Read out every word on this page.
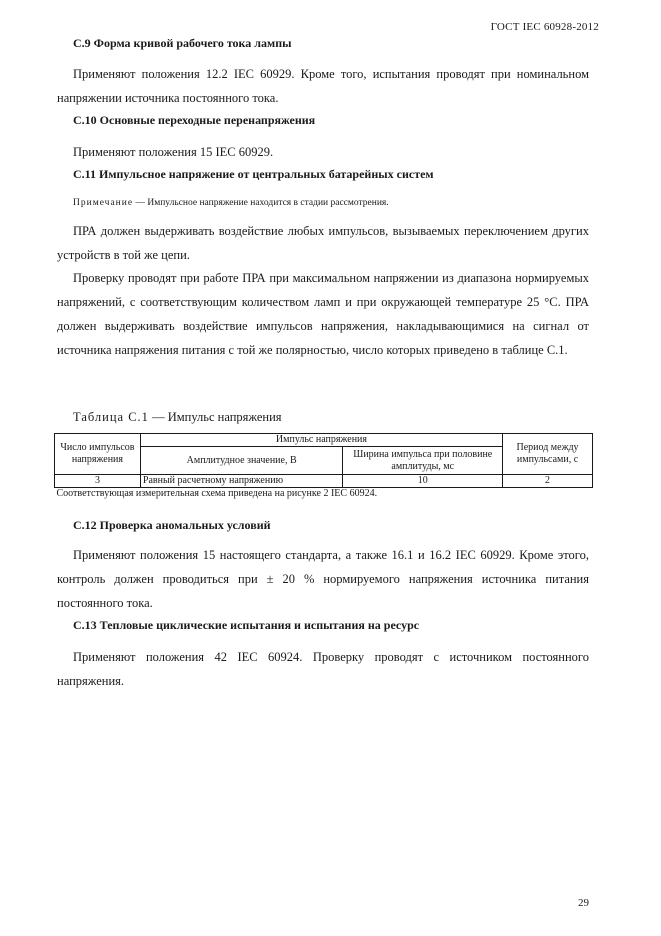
ГОСТ IEC 60928-2012
С.9 Форма кривой рабочего тока лампы
Применяют положения 12.2 IEC 60929. Кроме того, испытания проводят при номинальном напряжении источника постоянного тока.
С.10 Основные переходные перенапряжения
Применяют положения 15 IEC 60929.
С.11 Импульсное напряжение от центральных батарейных систем
Примечание — Импульсное напряжение находится в стадии рассмотрения.
ПРА должен выдерживать воздействие любых импульсов, вызываемых переключением других устройств в той же цепи.
Проверку проводят при работе ПРА при максимальном напряжении из диапазона нормируемых напряжений, с соответствующим количеством ламп и при окружающей температуре 25 °С. ПРА должен выдерживать воздействие импульсов напряжения, накладывающимися на сигнал от источника напряжения питания с той же полярностью, число которых приведено в таблице С.1.
Таблица С.1 — Импульс напряжения
Число импульсов напряжения	Импульс напряжения		Период между импульсами, с
	Амплитудное значение, В	Ширина импульса при половине амплитуды, мс	
3	Равный расчетному напряжению	10	2
Соответствующая измерительная схема приведена на рисунке 2 IEC 60924.			
С.12 Проверка аномальных условий
Применяют положения 15 настоящего стандарта, а также 16.1 и 16.2 IEC 60929. Кроме этого, контроль должен проводиться при ± 20 % нормируемого напряжения источника питания постоянного тока.
С.13 Тепловые циклические испытания и испытания на ресурс
Применяют положения 42 IEC 60924. Проверку проводят с источником постоянного напряжения.
29
